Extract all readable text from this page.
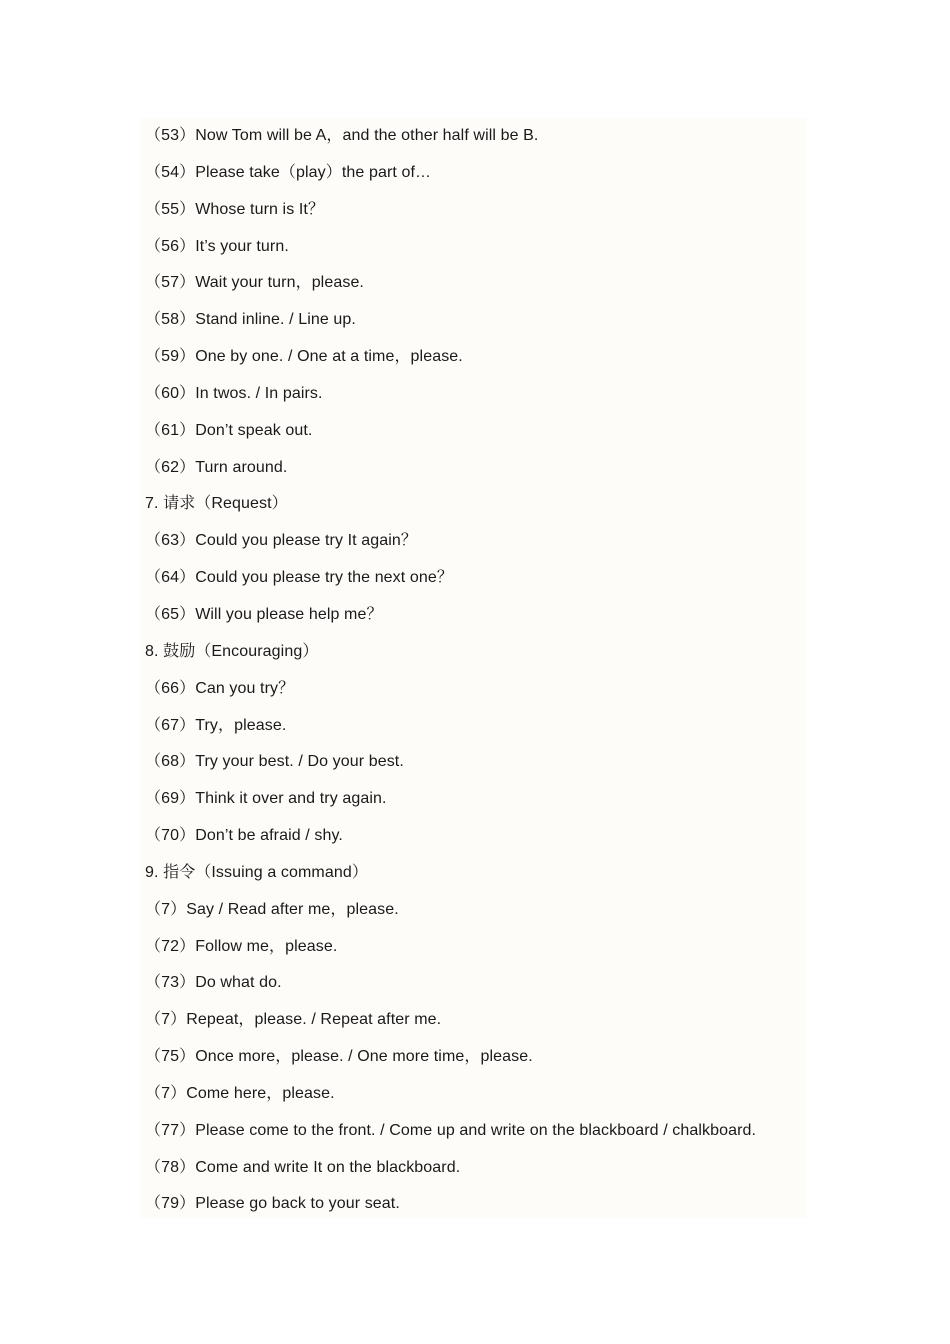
（53）Now Tom will be A，and the other half will be B.
（54）Please take（play）the part of…
（55）Whose turn is It？
（56）It’s your turn.
（57）Wait your turn，please.
（58）Stand inline. / Line up.
（59）One by one. / One at a time，please.
（60）In twos. / In pairs.
（61）Don’t speak out.
（62）Turn around.
7. 请求（Request）
（63）Could you please try It again？
（64）Could you please try the next one？
（65）Will you please help me？
8. 鼓励（Encouraging）
（66）Can you try？
（67）Try，please.
（68）Try your best. / Do your best.
（69）Think it over and try again.
（70）Don’t be afraid / shy.
9. 指令（Issuing a command）
（7）Say / Read after me，please.
（72）Follow me，please.
（73）Do what do.
（7）Repeat，please. / Repeat after me.
（75）Once more，please. / One more time，please.
（7）Come here，please.
（77）Please come to the front. / Come up and write on the blackboard / chalkboard.
（78）Come and write It on the blackboard.
（79）Please go back to your seat.
